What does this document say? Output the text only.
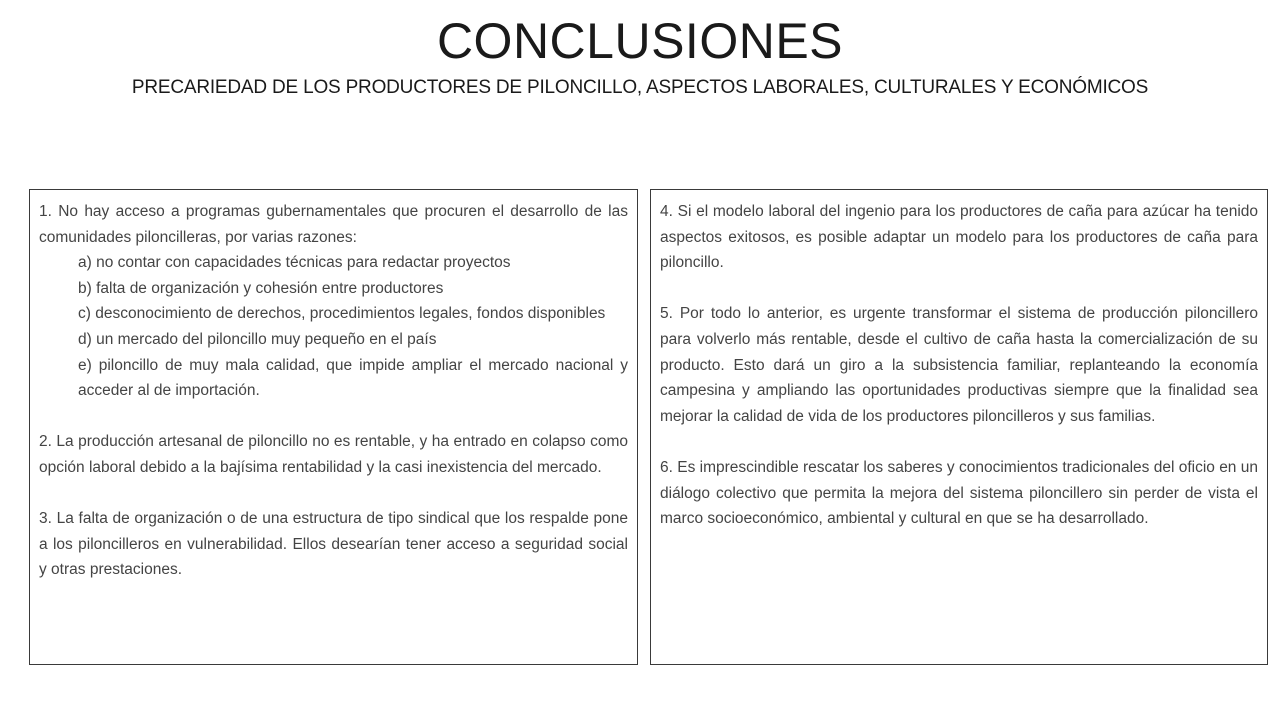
CONCLUSIONES
PRECARIEDAD DE LOS PRODUCTORES DE PILONCILLO, ASPECTOS LABORALES, CULTURALES Y ECONÓMICOS

1. No hay acceso a programas gubernamentales que procuren el desarrollo de las comunidades piloncilleras, por varias razones:

a) no contar con capacidades técnicas para redactar proyectos
b) falta de organización y cohesión entre productores
c) desconocimiento de derechos, procedimientos legales, fondos disponibles
d) un mercado del piloncillo muy pequeño en el país
e) piloncillo de muy mala calidad, que impide ampliar el mercado nacional y acceder al de importación.

2. La producción artesanal de piloncillo no es rentable, y ha entrado en colapso como opción laboral debido a la bajísima rentabilidad y la casi inexistencia del mercado.

3. La falta de organización o de una estructura de tipo sindical que los respalde pone a los piloncilleros en vulnerabilidad. Ellos desearían tener acceso a seguridad social y otras prestaciones.

4. Si el modelo laboral del ingenio para los productores de caña para azúcar ha tenido aspectos exitosos, es posible adaptar un modelo para los productores de caña para piloncillo.

5. Por todo lo anterior, es urgente transformar el sistema de producción piloncillero para volverlo más rentable, desde el cultivo de caña hasta la comercialización de su producto. Esto dará un giro a la subsistencia familiar, replanteando la economía campesina y ampliando las oportunidades productivas siempre que la finalidad sea mejorar la calidad de vida de los productores piloncilleros y sus familias.

6. Es imprescindible rescatar los saberes y conocimientos tradicionales del oficio en un diálogo colectivo que permita la mejora del sistema piloncillero sin perder de vista el marco socioeconómico, ambiental y cultural en que se ha desarrollado.
